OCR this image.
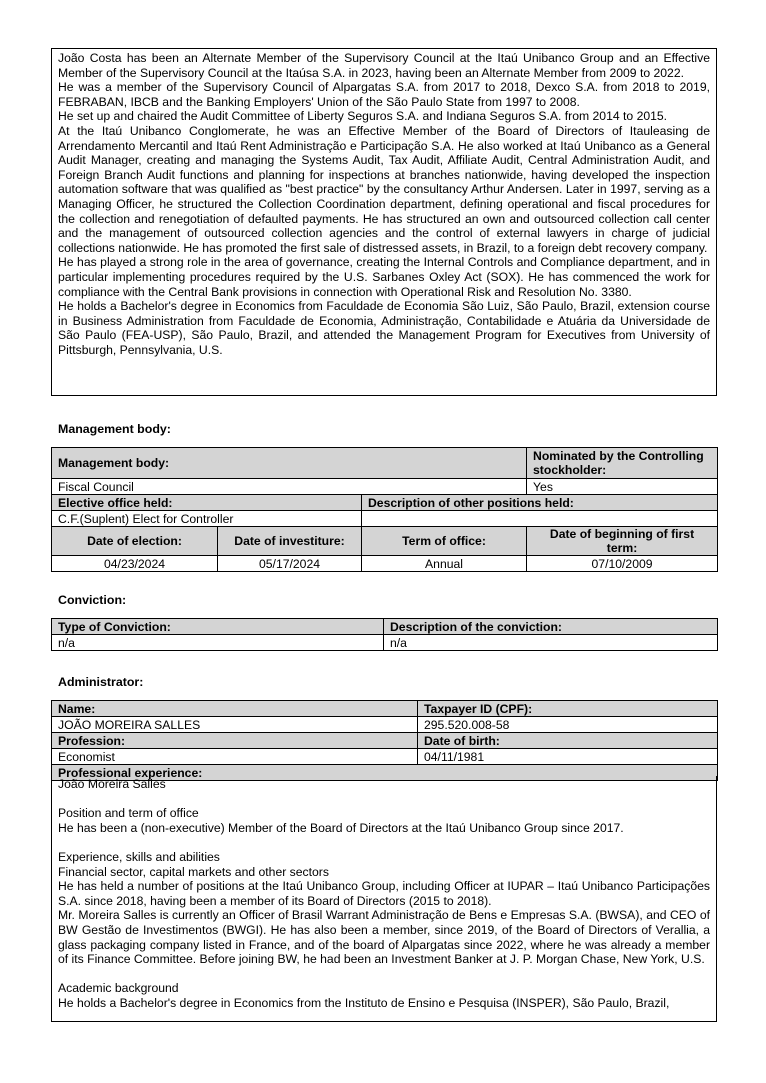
João Costa has been an Alternate Member of the Supervisory Council at the Itaú Unibanco Group and an Effective Member of the Supervisory Council at the Itaúsa S.A. in 2023, having been an Alternate Member from 2009 to 2022.

He was a member of the Supervisory Council of Alpargatas S.A. from 2017 to 2018, Dexco S.A. from 2018 to 2019, FEBRABAN, IBCB and the Banking Employers' Union of the São Paulo State from 1997 to 2008.

He set up and chaired the Audit Committee of Liberty Seguros S.A. and Indiana Seguros S.A. from 2014 to 2015.

At the Itaú Unibanco Conglomerate, he was an Effective Member of the Board of Directors of Itauleasing de Arrendamento Mercantil and Itaú Rent Administração e Participação S.A. He also worked at Itaú Unibanco as a General Audit Manager, creating and managing the Systems Audit, Tax Audit, Affiliate Audit, Central Administration Audit, and Foreign Branch Audit functions and planning for inspections at branches nationwide, having developed the inspection automation software that was qualified as "best practice" by the consultancy Arthur Andersen. Later in 1997, serving as a Managing Officer, he structured the Collection Coordination department, defining operational and fiscal procedures for the collection and renegotiation of defaulted payments. He has structured an own and outsourced collection call center and the management of outsourced collection agencies and the control of external lawyers in charge of judicial collections nationwide. He has promoted the first sale of distressed assets, in Brazil, to a foreign debt recovery company.

He has played a strong role in the area of governance, creating the Internal Controls and Compliance department, and in particular implementing procedures required by the U.S. Sarbanes Oxley Act (SOX). He has commenced the work for compliance with the Central Bank provisions in connection with Operational Risk and Resolution No. 3380.

He holds a Bachelor's degree in Economics from Faculdade de Economia São Luiz, São Paulo, Brazil, extension course in Business Administration from Faculdade de Economia, Administração, Contabilidade e Atuária da Universidade de São Paulo (FEA-USP), São Paulo, Brazil, and attended the Management Program for Executives from University of Pittsburgh, Pennsylvania, U.S.

Management body:
Management body:			Nominated by the Controlling stockholder:
Fiscal Council			Yes
Elective office held:		Description of other positions held:	
C.F.(Suplent) Elect for Controller			
Date of election:	Date of investiture:	Term of office:	Date of beginning of first term:
04/23/2024	05/17/2024	Annual	07/10/2009
Conviction:
Type of Conviction:	Description of the conviction:
n/a	n/a
Administrator:
Name:	Taxpayer ID (CPF):
JOÃO MOREIRA SALLES	295.520.008-58
Profession:	Date of birth:
Economist	04/11/1981
Professional experience:	

João Moreira Salles

Position and term of office

He has been a (non-executive) Member of the Board of Directors at the Itaú Unibanco Group since 2017.

Experience, skills and abilities

Financial sector, capital markets and other sectors

He has held a number of positions at the Itaú Unibanco Group, including Officer at IUPAR – Itaú Unibanco Participações S.A. since 2018, having been a member of its Board of Directors (2015 to 2018).

Mr. Moreira Salles is currently an Officer of Brasil Warrant Administração de Bens e Empresas S.A. (BWSA), and CEO of BW Gestão de Investimentos (BWGI). He has also been a member, since 2019, of the Board of Directors of Verallia, a glass packaging company listed in France, and of the board of Alpargatas since 2022, where he was already a member of its Finance Committee. Before joining BW, he had been an Investment Banker at J. P. Morgan Chase, New York, U.S.

Academic background

He holds a Bachelor's degree in Economics from the Instituto de Ensino e Pesquisa (INSPER), São Paulo, Brazil,
